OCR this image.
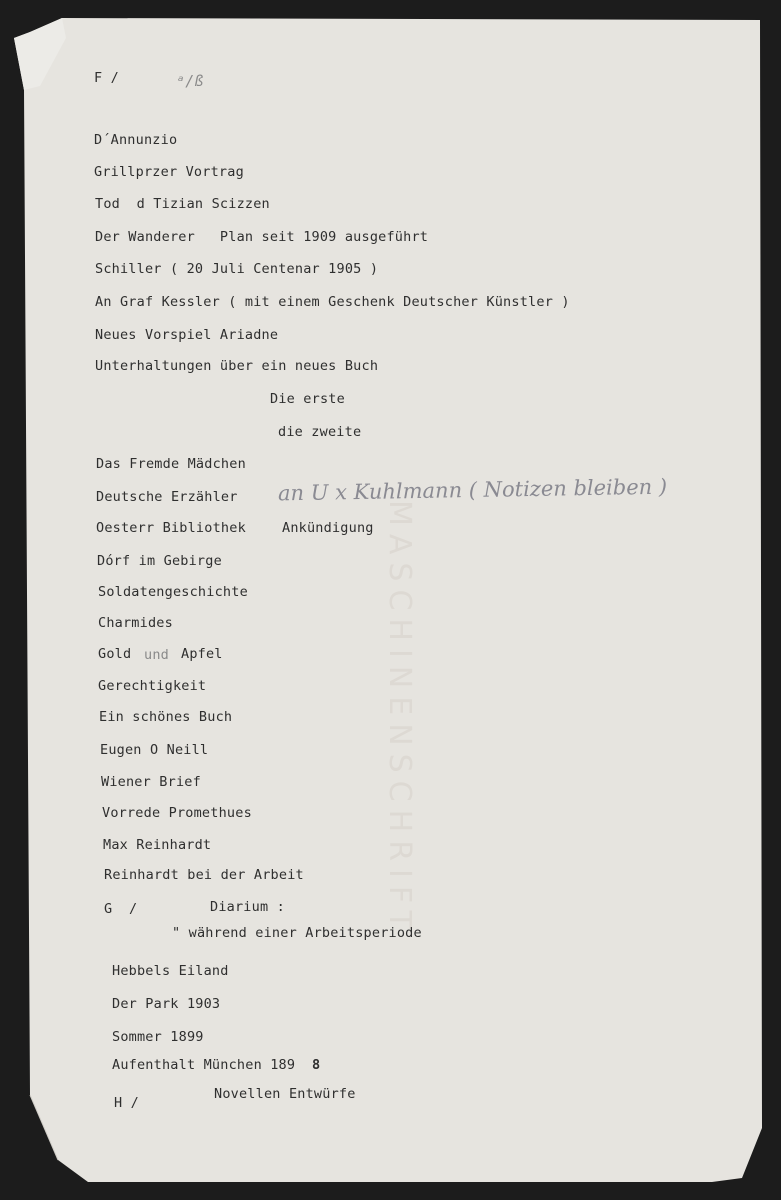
MASCHINENSCHRIFT
F /	ᵃ/ß
D´Annunzio
Grillprzer Vortrag
Tod  d Tizian Scizzen
Der Wanderer   Plan seit 1909 ausgeführt
Schiller ( 20 Juli Centenar 1905 )
An Graf Kessler ( mit einem Geschenk Deutscher Künstler )
Neues Vorspiel Ariadne
Unterhaltungen über ein neues Buch
Die erste
die zweite
Das Fremde Mädchen
Deutsche Erzähler an U x Kuhlmann ( Notizen bleiben )
Oesterr Bibliothek	Ankündigung
Dórf im Gebirge
Soldatengeschichte
Charmides
Gold und Apfel
Gerechtigkeit
Ein schönes Buch
Eugen O Neill
Wiener Brief
Vorrede Promethues
Max Reinhardt
Reinhardt bei der Arbeit
G  /	Diarium :
" während einer Arbeitsperiode
Hebbels Eiland
Der Park 1903
Sommer 1899
Aufenthalt München 189 8
H /
Novellen Entwürfe
